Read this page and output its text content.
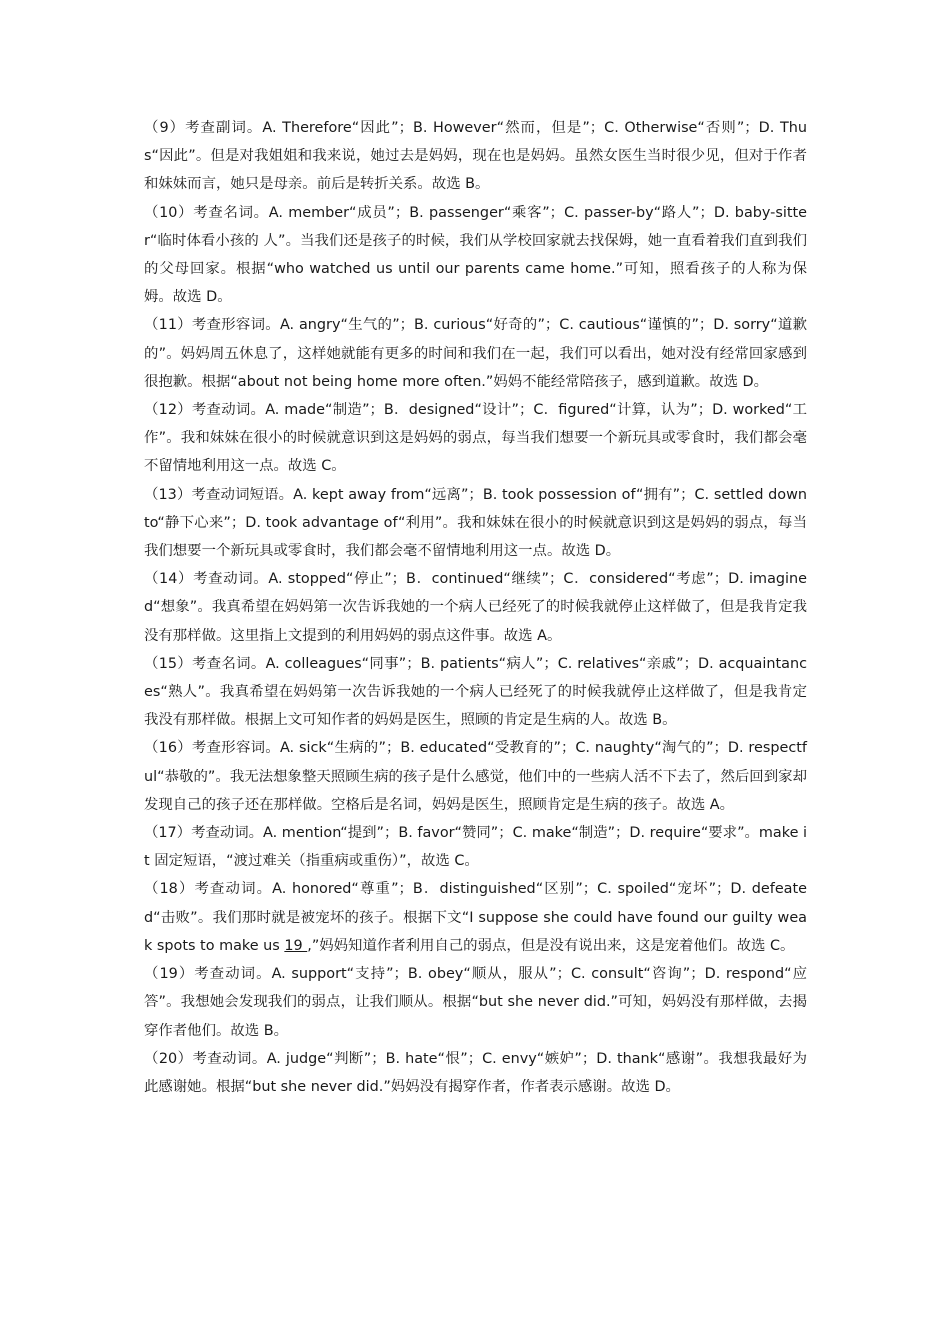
（9）考查副词。A. Therefore“因此”；B. However“然而，但是”；C. Otherwise“否则”；D. Thus“因此”。但是对我姐姐和我来说，她过去是妈妈，现在也是妈妈。虽然女医生当时很少见，但对于作者和妹妹而言，她只是母亲。前后是转折关系。故选 B。

（10）考查名词。A. member“成员”；B. passenger“乘客”；C. passer-by“路人”；D. baby-sitter“临时体看小孩的 人”。当我们还是孩子的时候，我们从学校回家就去找保姆，她一直看着我们直到我们的父母回家。根据“who watched us until our parents came home.”可知，照看孩子的人称为保姆。故选 D。

（11）考查形容词。A. angry“生气的”；B. curious“好奇的”；C. cautious“谨慎的”；D. sorry“道歉的”。妈妈周五休息了，这样她就能有更多的时间和我们在一起，我们可以看出，她对没有经常回家感到很抱歉。根据“about not being home more often.”妈妈不能经常陪孩子，感到道歉。故选 D。

（12）考查动词。A. made“制造”；B．designed“设计”；C．figured“计算，认为”；D. worked“工作”。我和妹妹在很小的时候就意识到这是妈妈的弱点，每当我们想要一个新玩具或零食时，我们都会毫不留情地利用这一点。故选 C。

（13）考查动词短语。A. kept away from“远离”；B. took possession of“拥有”；C. settled down to“静下心来”；D. took advantage of“利用”。我和妹妹在很小的时候就意识到这是妈妈的弱点，每当我们想要一个新玩具或零食时，我们都会毫不留情地利用这一点。故选 D。

（14）考查动词。A. stopped“停止”；B．continued“继续”；C．considered“考虑”；D. imagined“想象”。我真希望在妈妈第一次告诉我她的一个病人已经死了的时候我就停止这样做了，但是我肯定我没有那样做。这里指上文提到的利用妈妈的弱点这件事。故选 A。

（15）考查名词。A. colleagues“同事”；B. patients“病人”；C. relatives“亲戚”；D. acquaintances“熟人”。我真希望在妈妈第一次告诉我她的一个病人已经死了的时候我就停止这样做了，但是我肯定我没有那样做。根据上文可知作者的妈妈是医生，照顾的肯定是生病的人。故选 B。

（16）考查形容词。A. sick“生病的”；B. educated“受教育的”；C. naughty“淘气的”；D. respectful“恭敬的”。我无法想象整天照顾生病的孩子是什么感觉，他们中的一些病人活不下去了，然后回到家却发现自己的孩子还在那样做。空格后是名词，妈妈是医生，照顾肯定是生病的孩子。故选 A。

（17）考查动词。A. mention“提到”；B. favor“赞同”；C. make“制造”；D. require“要求”。make it 固定短语，“渡过难关（指重病或重伤）”，故选 C。

（18）考查动词。A. honored“尊重”；B．distinguished“区别”；C. spoiled“宠坏”；D. defeated“击败”。我们那时就是被宠坏的孩子。根据下文“I suppose she could have found our guilty weak spots to make us 19 ,”妈妈知道作者利用自己的弱点，但是没有说出来，这是宠着他们。故选 C。

（19）考查动词。A. support“支持”；B. obey“顺从，服从”；C. consult“咨询”；D. respond“应答”。我想她会发现我们的弱点，让我们顺从。根据“but she never did.”可知，妈妈没有那样做，去揭穿作者他们。故选 B。

（20）考查动词。A. judge“判断”；B. hate“恨”；C. envy“嫉妒”；D. thank“感谢”。我想我最好为此感谢她。根据“but she never did.”妈妈没有揭穿作者，作者表示感谢。故选 D。
